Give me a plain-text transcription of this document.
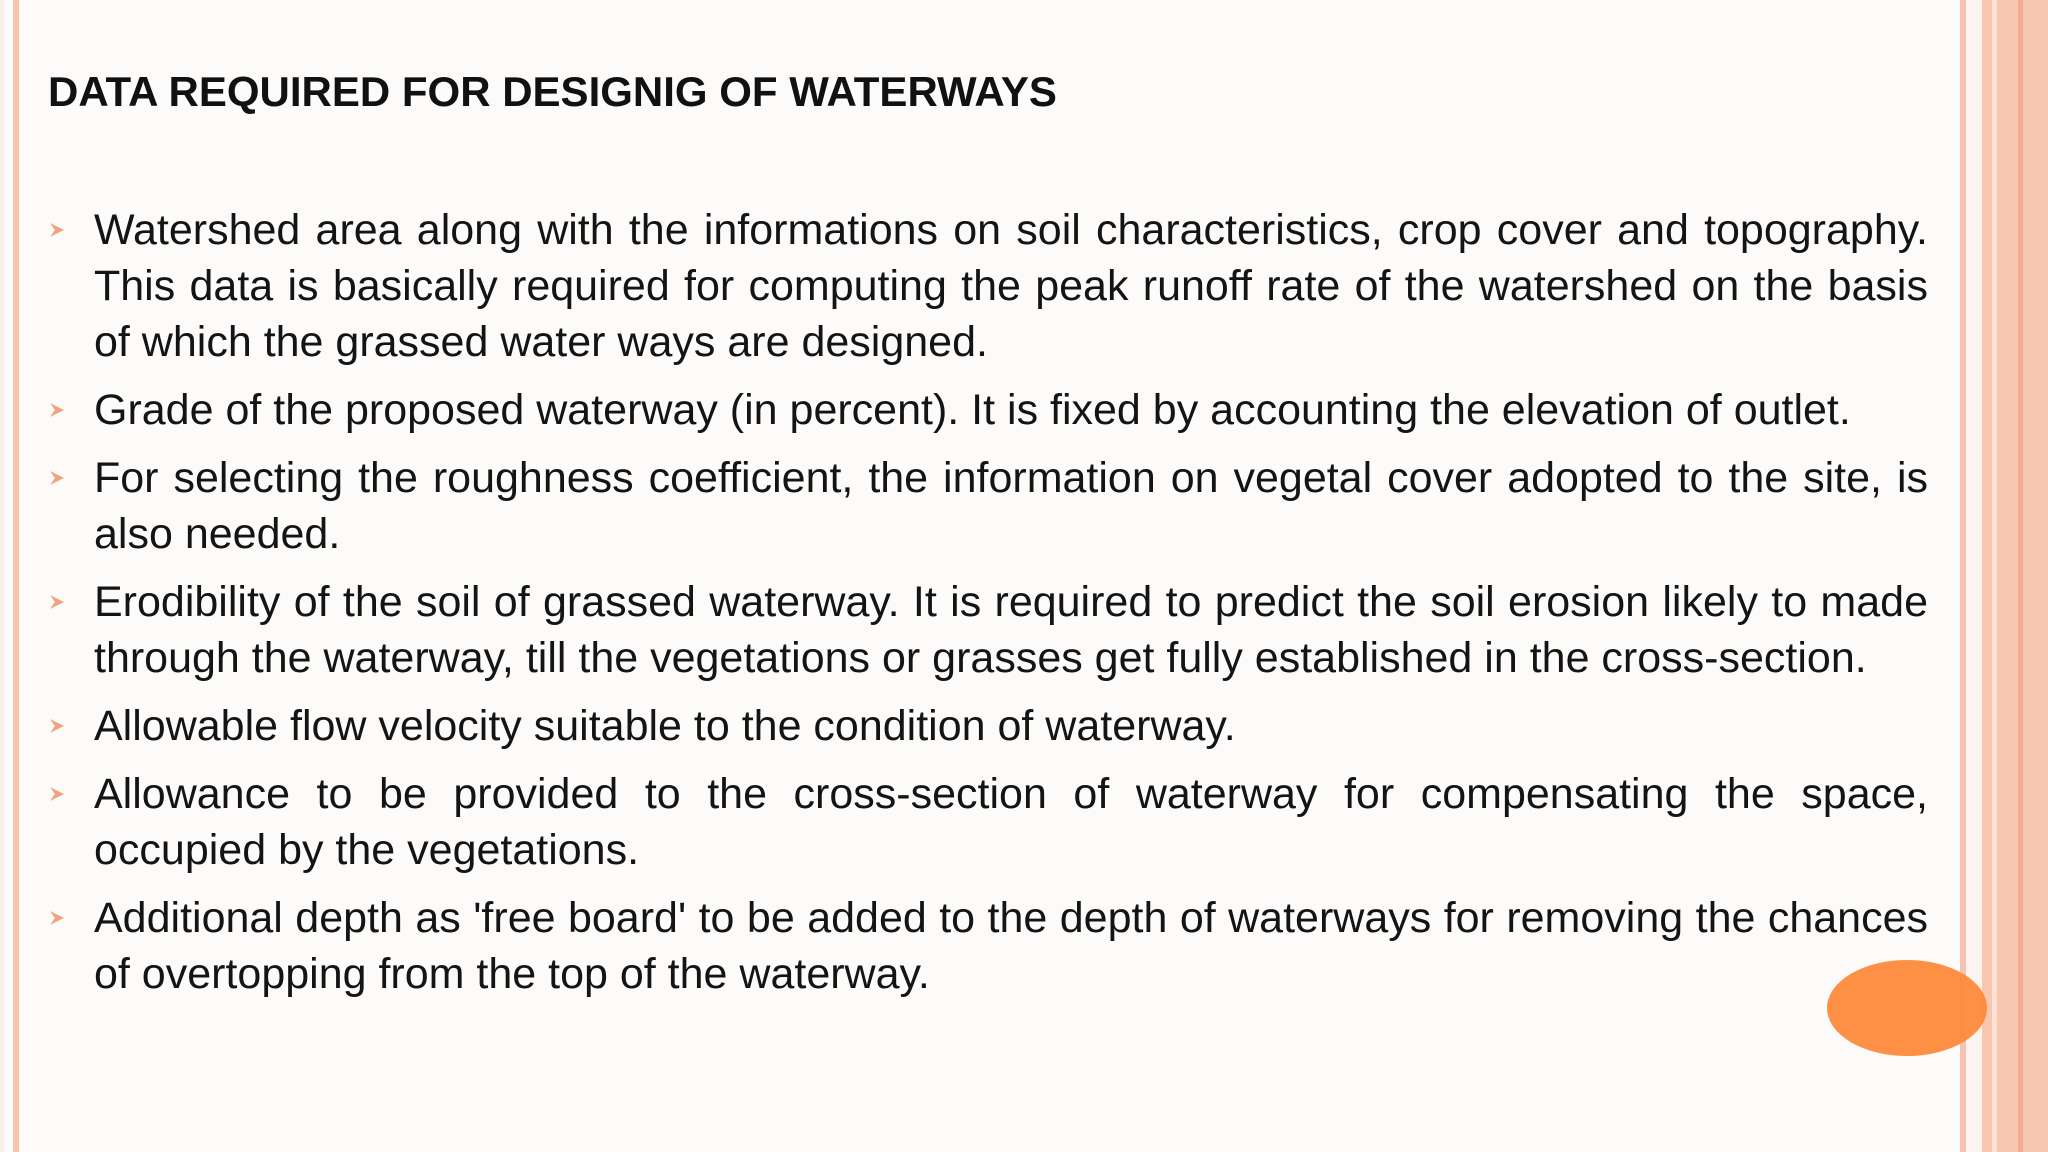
DATA REQUIRED FOR DESIGNIG OF WATERWAYS
Watershed area along with the informations on soil characteristics, crop cover and topography. This data is basically required for computing the peak runoff rate of the watershed on the basis of which the grassed water ways are designed.
Grade of the proposed waterway (in percent). It is fixed by accounting the elevation of outlet.
For selecting the roughness coefficient, the information on vegetal cover adopted to the site, is also needed.
Erodibility of the soil of grassed waterway. It is required to predict the soil erosion likely to made through the waterway, till the vegetations or grasses get fully established in the cross-section.
Allowable flow velocity suitable to the condition of waterway.
Allowance to be provided to the cross-section of waterway for compensating the space, occupied by the vegetations.
Additional depth as 'free board' to be added to the depth of waterways for removing the chances of overtopping from the top of the waterway.
